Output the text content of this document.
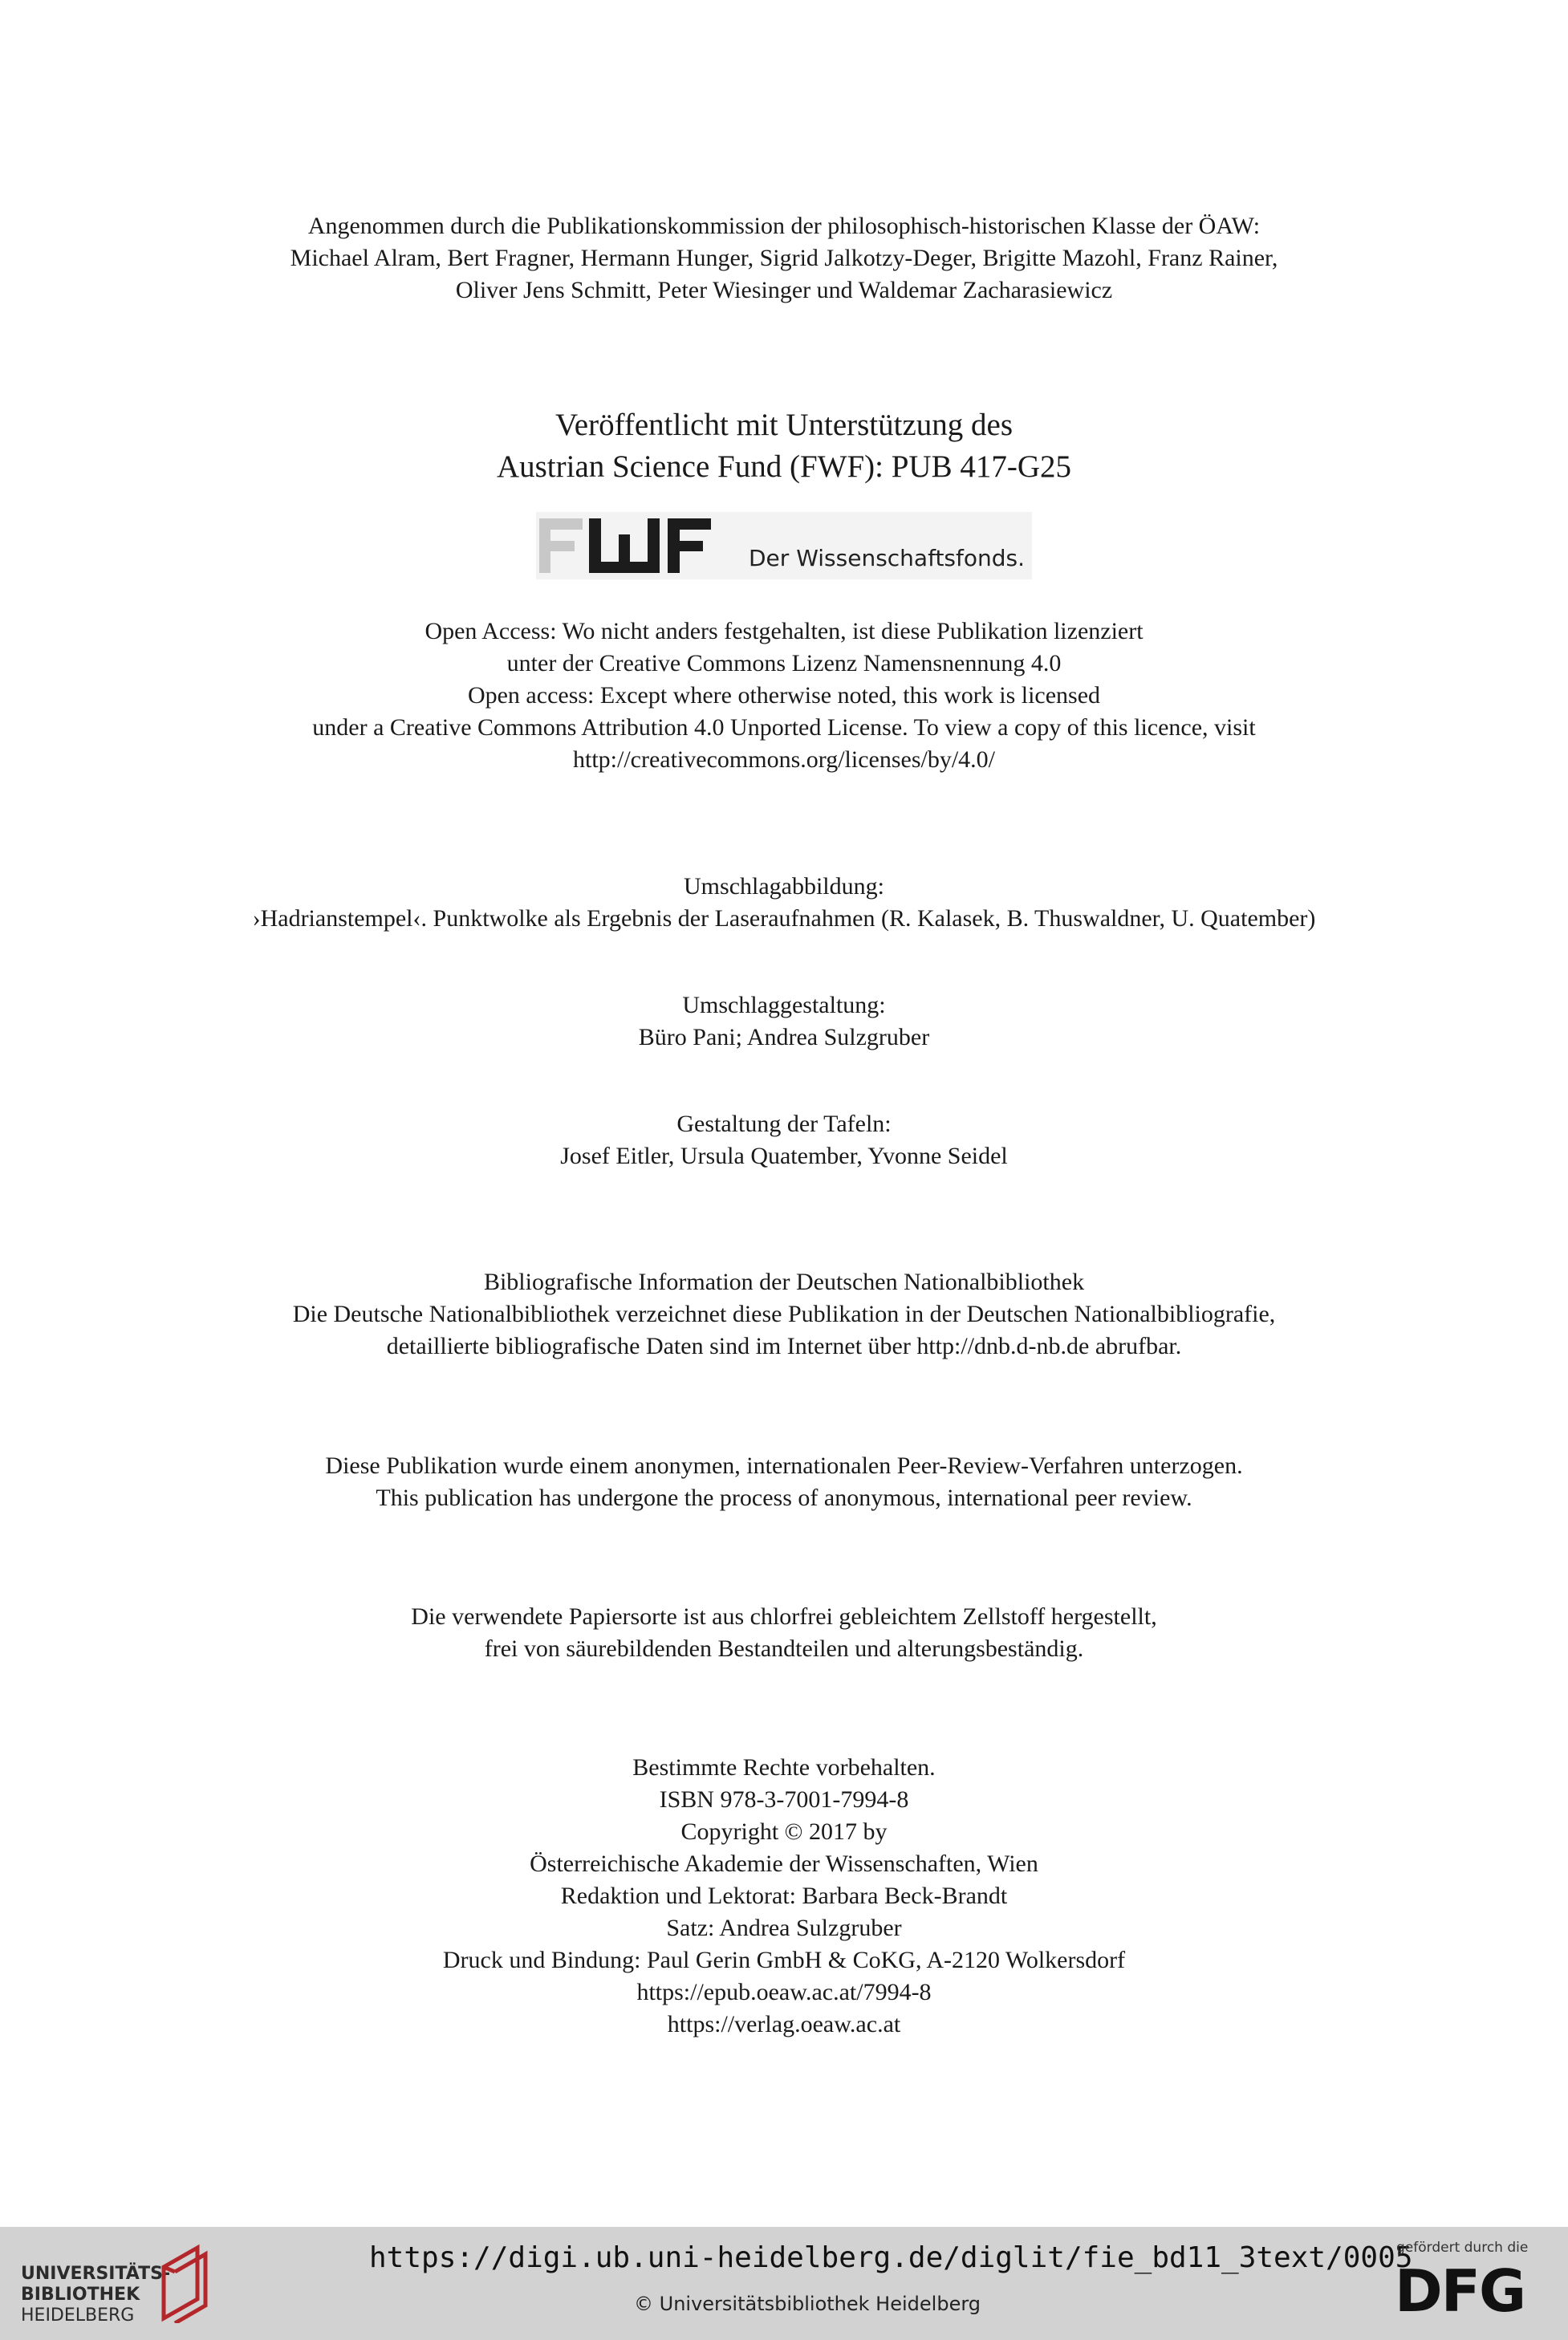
Angenommen durch die Publikationskommission der philosophisch-historischen Klasse der ÖAW:
Michael Alram, Bert Fragner, Hermann Hunger, Sigrid Jalkotzy-Deger, Brigitte Mazohl, Franz Rainer,
Oliver Jens Schmitt, Peter Wiesinger und Waldemar Zacharasiewicz
Veröffentlicht mit Unterstützung des
Austrian Science Fund (FWF): PUB 417-G25
Der Wissenschaftsfonds.
Open Access: Wo nicht anders festgehalten, ist diese Publikation lizenziert
unter der Creative Commons Lizenz Namensnennung 4.0
Open access: Except where otherwise noted, this work is licensed
under a Creative Commons Attribution 4.0 Unported License. To view a copy of this licence, visit
http://creativecommons.org/licenses/by/4.0/
Umschlagabbildung:
›Hadrianstempel‹. Punktwolke als Ergebnis der Laseraufnahmen (R. Kalasek, B. Thuswaldner, U. Quatember)
Umschlaggestaltung:
Büro Pani; Andrea Sulzgruber
Gestaltung der Tafeln:
Josef Eitler, Ursula Quatember, Yvonne Seidel
Bibliografische Information der Deutschen Nationalbibliothek
Die Deutsche Nationalbibliothek verzeichnet diese Publikation in der Deutschen Nationalbibliografie,
detaillierte bibliografische Daten sind im Internet über http://dnb.d-nb.de abrufbar.
Diese Publikation wurde einem anonymen, internationalen Peer-Review-Verfahren unterzogen.
This publication has undergone the process of anonymous, international peer review.
Die verwendete Papiersorte ist aus chlorfrei gebleichtem Zellstoff hergestellt,
frei von säurebildenden Bestandteilen und alterungsbeständig.
Bestimmte Rechte vorbehalten.
ISBN 978-3-7001-7994-8
Copyright © 2017 by
Österreichische Akademie der Wissenschaften, Wien
Redaktion und Lektorat: Barbara Beck-Brandt
Satz: Andrea Sulzgruber
Druck und Bindung: Paul Gerin GmbH & CoKG, A-2120 Wolkersdorf
https://epub.oeaw.ac.at/7994-8
https://verlag.oeaw.ac.at
UNIVERSITÄTS-
BIBLIOTHEK
HEIDELBERG
https://digi.ub.uni-heidelberg.de/diglit/fie_bd11_3text/0005
© Universitätsbibliothek Heidelberg
gefördert durch die
DFG
